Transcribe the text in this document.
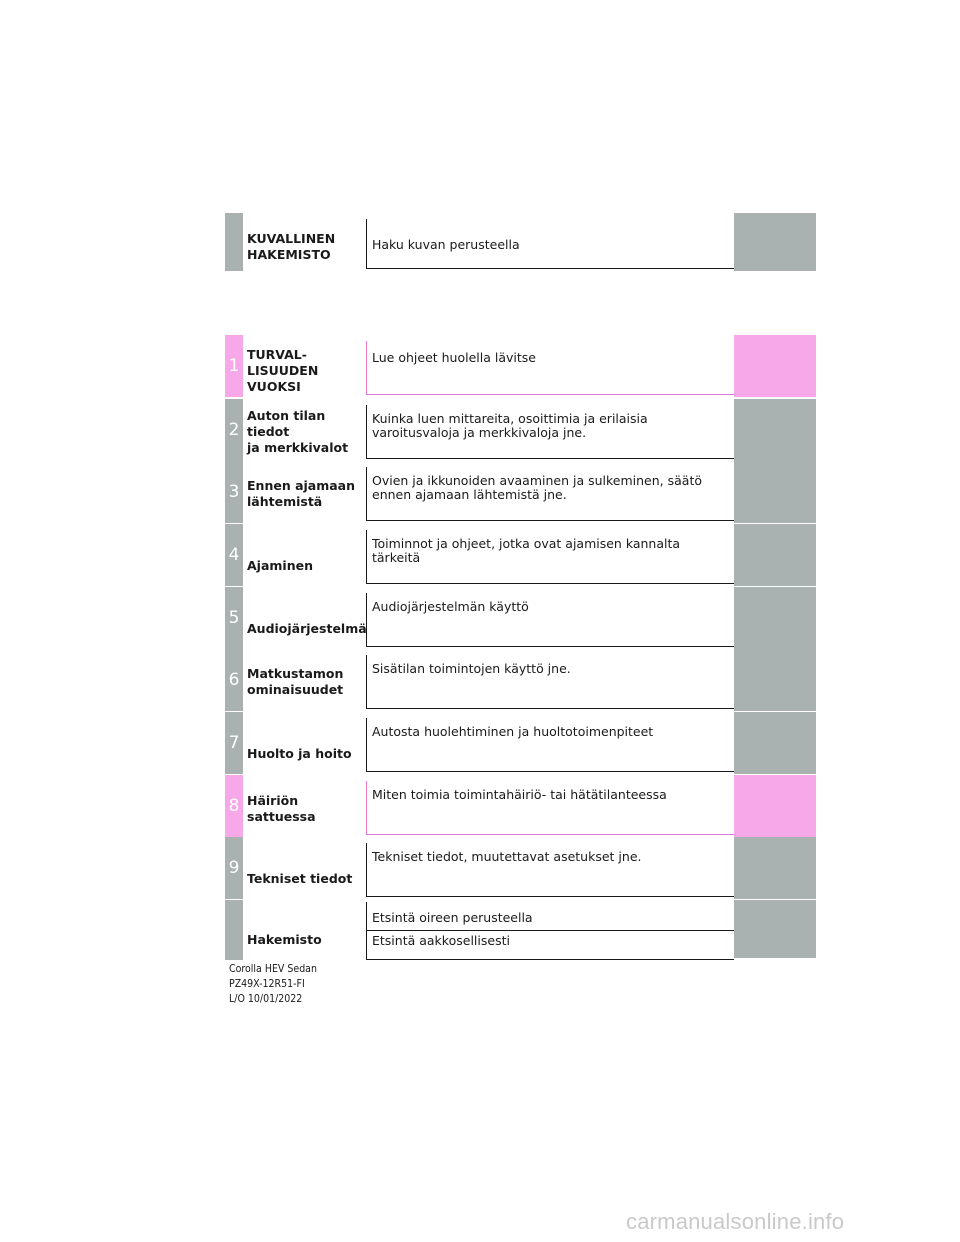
KUVALLINEN
HAKEMISTO
Haku kuvan perusteella
1
TURVAL-
LISUUDEN
VUOKSI
Lue ohjeet huolella lävitse
2
Auton tilan tiedot
ja merkkivalot
Kuinka luen mittareita, osoittimia ja erilaisia
varoitusvaloja ja merkkivaloja jne.
3 Ennen ajamaan
lähtemistä
Ovien ja ikkunoiden avaaminen ja sulkeminen, säätö
ennen ajamaan lähtemistä jne.
4
Ajaminen
Toiminnot ja ohjeet, jotka ovat ajamisen kannalta tärkeitä
5
Audiojärjestelmä
Audiojärjestelmän käyttö
6 Matkustamon
ominaisuudet
Sisätilan toimintojen käyttö jne.
7
Huolto ja hoito
Autosta huolehtiminen ja huoltotoimenpiteet
8 Häiriön sattuessa
Miten toimia toimintahäiriö- tai hätätilanteessa
9
Tekniset tiedot
Tekniset tiedot, muutettavat asetukset jne.
Hakemisto
Etsintä oireen perusteella
Etsintä aakkosellisesti
Corolla HEV Sedan
PZ49X-12R51-FI
L/O 10/01/2022
carmanualsonline.info
